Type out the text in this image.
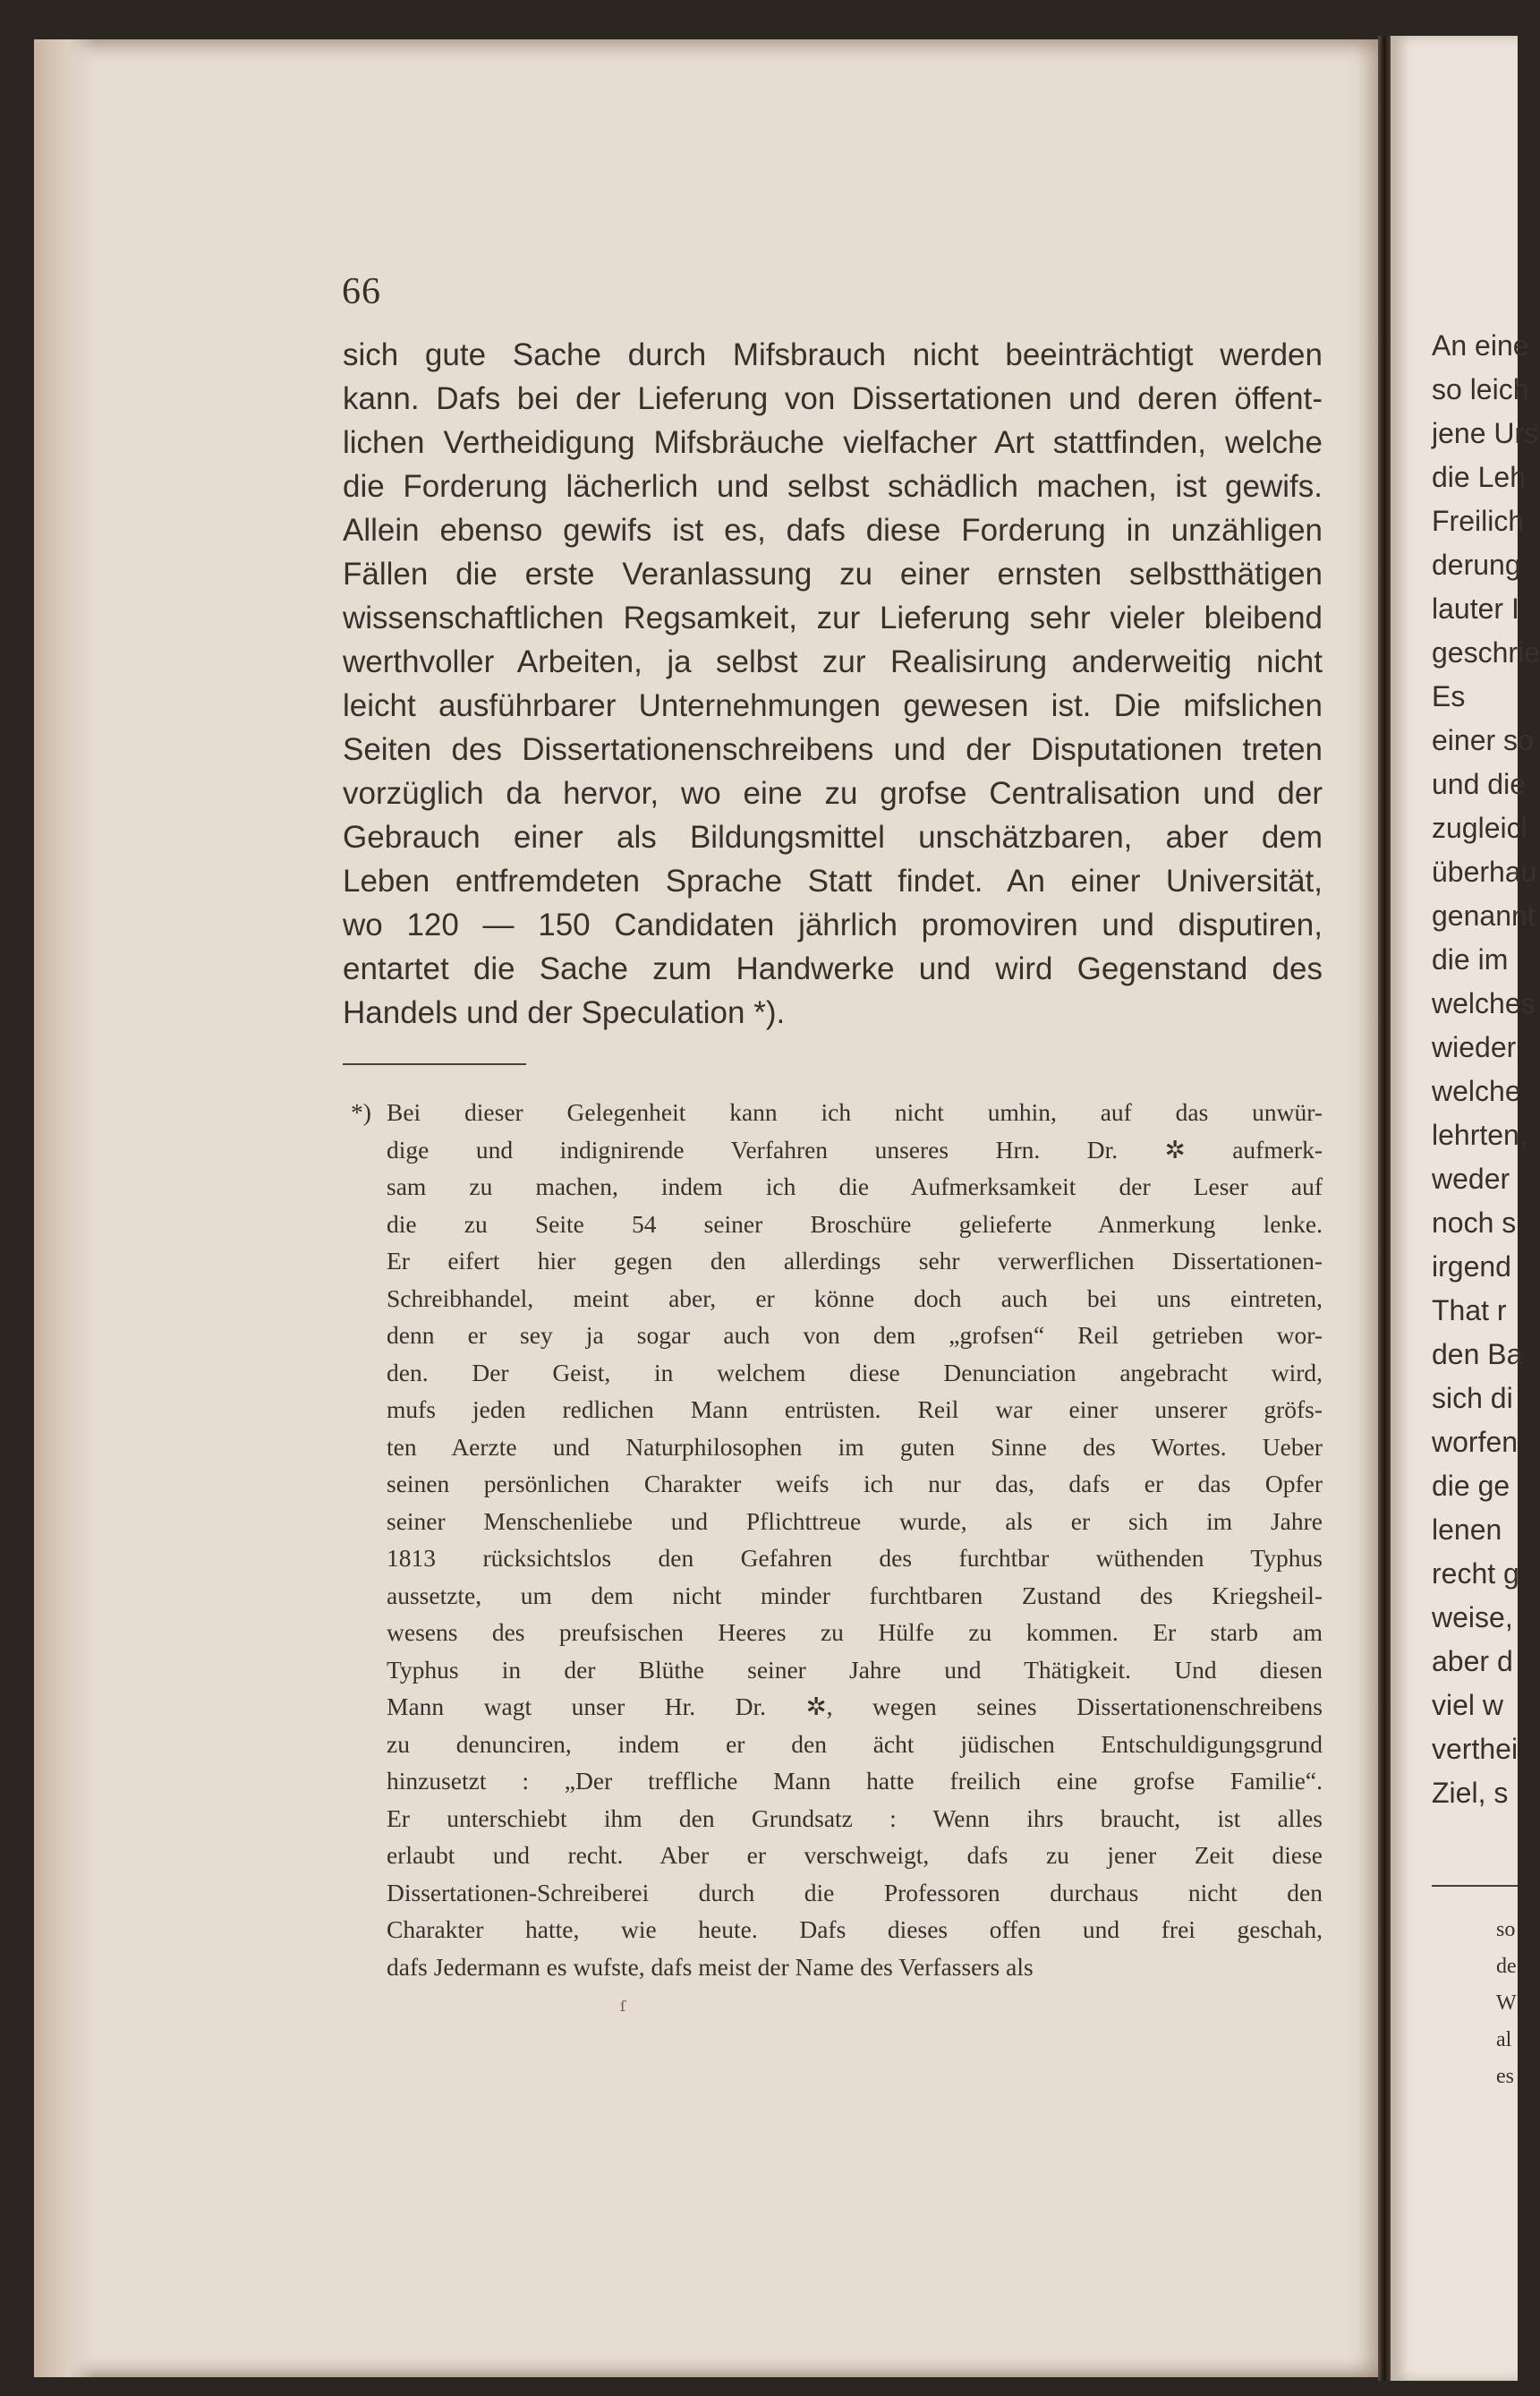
66
sich gute Sache durch Mifsbrauch nicht beeinträchtigt werden
kann. Dafs bei der Lieferung von Dissertationen und deren öffent-
lichen Vertheidigung Mifsbräuche vielfacher Art stattfinden, welche
die Forderung lächerlich und selbst schädlich machen, ist gewifs.
Allein ebenso gewifs ist es, dafs diese Forderung in unzähligen
Fällen die erste Veranlassung zu einer ernsten selbstthätigen
wissenschaftlichen Regsamkeit, zur Lieferung sehr vieler bleibend
werthvoller Arbeiten, ja selbst zur Realisirung anderweitig nicht
leicht ausführbarer Unternehmungen gewesen ist. Die mifslichen
Seiten des Dissertationenschreibens und der Disputationen treten
vorzüglich da hervor, wo eine zu grofse Centralisation und der
Gebrauch einer als Bildungsmittel unschätzbaren, aber dem
Leben entfremdeten Sprache Statt findet. An einer Universität,
wo 120 — 150 Candidaten jährlich promoviren und disputiren,
entartet die Sache zum Handwerke und wird Gegenstand des
Handels und der Speculation *).
*) Bei dieser Gelegenheit kann ich nicht umhin, auf das unwür-
dige und indignirende Verfahren unseres Hrn. Dr. ✲ aufmerk-
sam zu machen, indem ich die Aufmerksamkeit der Leser auf
die zu Seite 54 seiner Broschüre gelieferte Anmerkung lenke.
Er eifert hier gegen den allerdings sehr verwerflichen Dissertationen-
Schreibhandel, meint aber, er könne doch auch bei uns eintreten,
denn er sey ja sogar auch von dem „grofsen“ Reil getrieben wor-
den. Der Geist, in welchem diese Denunciation angebracht wird,
mufs jeden redlichen Mann entrüsten. Reil war einer unserer gröfs-
ten Aerzte und Naturphilosophen im guten Sinne des Wortes. Ueber
seinen persönlichen Charakter weifs ich nur das, dafs er das Opfer
seiner Menschenliebe und Pflichttreue wurde, als er sich im Jahre
1813 rücksichtslos den Gefahren des furchtbar wüthenden Typhus
aussetzte, um dem nicht minder furchtbaren Zustand des Kriegsheil-
wesens des preufsischen Heeres zu Hülfe zu kommen. Er starb am
Typhus in der Blüthe seiner Jahre und Thätigkeit. Und diesen
Mann wagt unser Hr. Dr. ✲, wegen seines Dissertationenschreibens
zu denunciren, indem er den ächt jüdischen Entschuldigungsgrund
hinzusetzt : „Der treffliche Mann hatte freilich eine grofse Familie“.
Er unterschiebt ihm den Grundsatz : Wenn ihrs braucht, ist alles
erlaubt und recht. Aber er verschweigt, dafs zu jener Zeit diese
Dissertationen-Schreiberei durch die Professoren durchaus nicht den
Charakter hatte, wie heute. Dafs dieses offen und frei geschah,
dafs Jedermann es wufste, dafs meist der Name des Verfassers als
ſ
An eine
so leich
jene Urs
die Leh
Freilich
derung
lauter I
geschrie
Es
einer so
und die
zugleicl
überhau
genannt
die im
welches
wieder
welche
lehrten,
weder
noch s
irgend
That r
den Ba
sich di
worfen
die ge
lenen
recht g
weise,
aber d
viel w
verthei
Ziel, s
so
de
W
al
es
